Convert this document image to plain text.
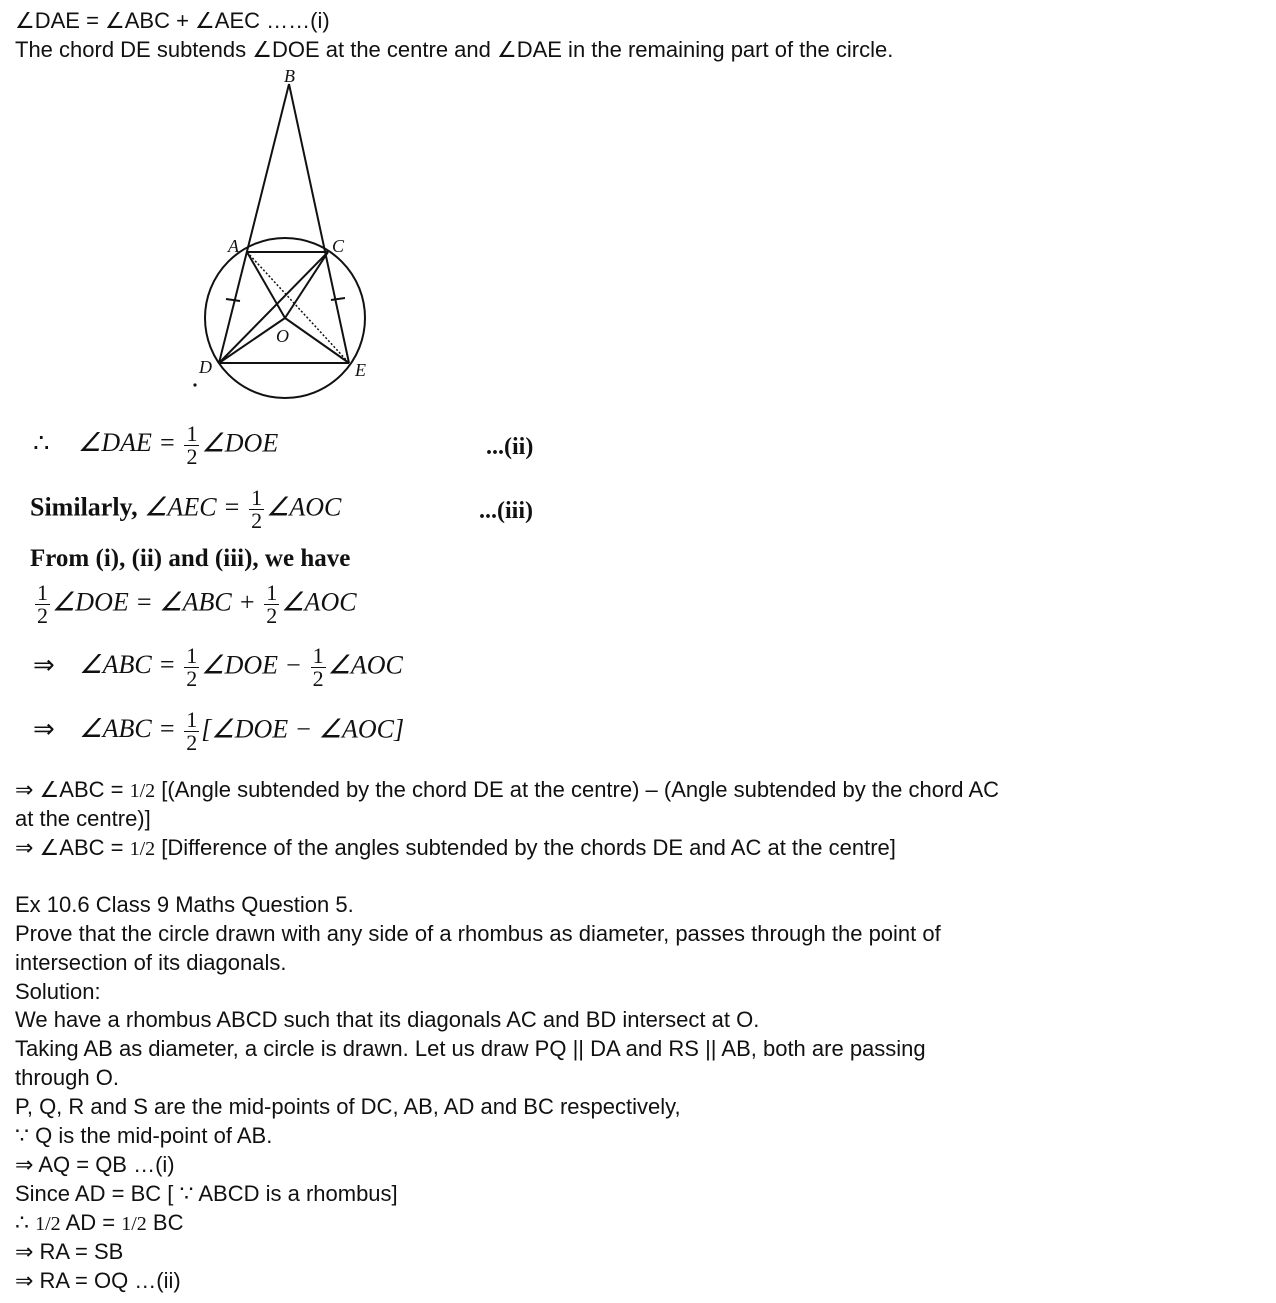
∠DAE = ∠ABC + ∠AEC ……(i)
The chord DE subtends ∠DOE at the centre and ∠DAE in the remaining part of the circle.
B
A	C
O
D	E
∴ ∠DAE = $\frac{1}{2}$ ∠DOE	...(ii)
Similarly, ∠AEC = $\frac{1}{2}$ ∠AOC	...(iii)
From (i), (ii) and (iii), we have
$\frac{1}{2}$ ∠DOE = ∠ABC + $\frac{1}{2}$ ∠AOC
⇒ ∠ABC = $\frac{1}{2}$ ∠DOE − $\frac{1}{2}$ ∠AOC
⇒ ∠ABC = $\frac{1}{2}$ [∠DOE − ∠AOC]
⇒ ∠ABC = 1/2 [(Angle subtended by the chord DE at the centre) – (Angle subtended by the chord AC
at the centre)]
⇒ ∠ABC = 1/2 [Difference of the angles subtended by the chords DE and AC at the centre]
Ex 10.6 Class 9 Maths Question 5.
Prove that the circle drawn with any side of a rhombus as diameter, passes through the point of
intersection of its diagonals.
Solution:
We have a rhombus ABCD such that its diagonals AC and BD intersect at O.
Taking AB as diameter, a circle is drawn. Let us draw PQ || DA and RS || AB, both are passing
through O.
P, Q, R and S are the mid-points of DC, AB, AD and BC respectively,
∵ Q is the mid-point of AB.
⇒ AQ = QB …(i)
Since AD = BC [ ∵ ABCD is a rhombus]
∴ 1/2 AD = 1/2 BC
⇒ RA = SB
⇒ RA = OQ …(ii)
